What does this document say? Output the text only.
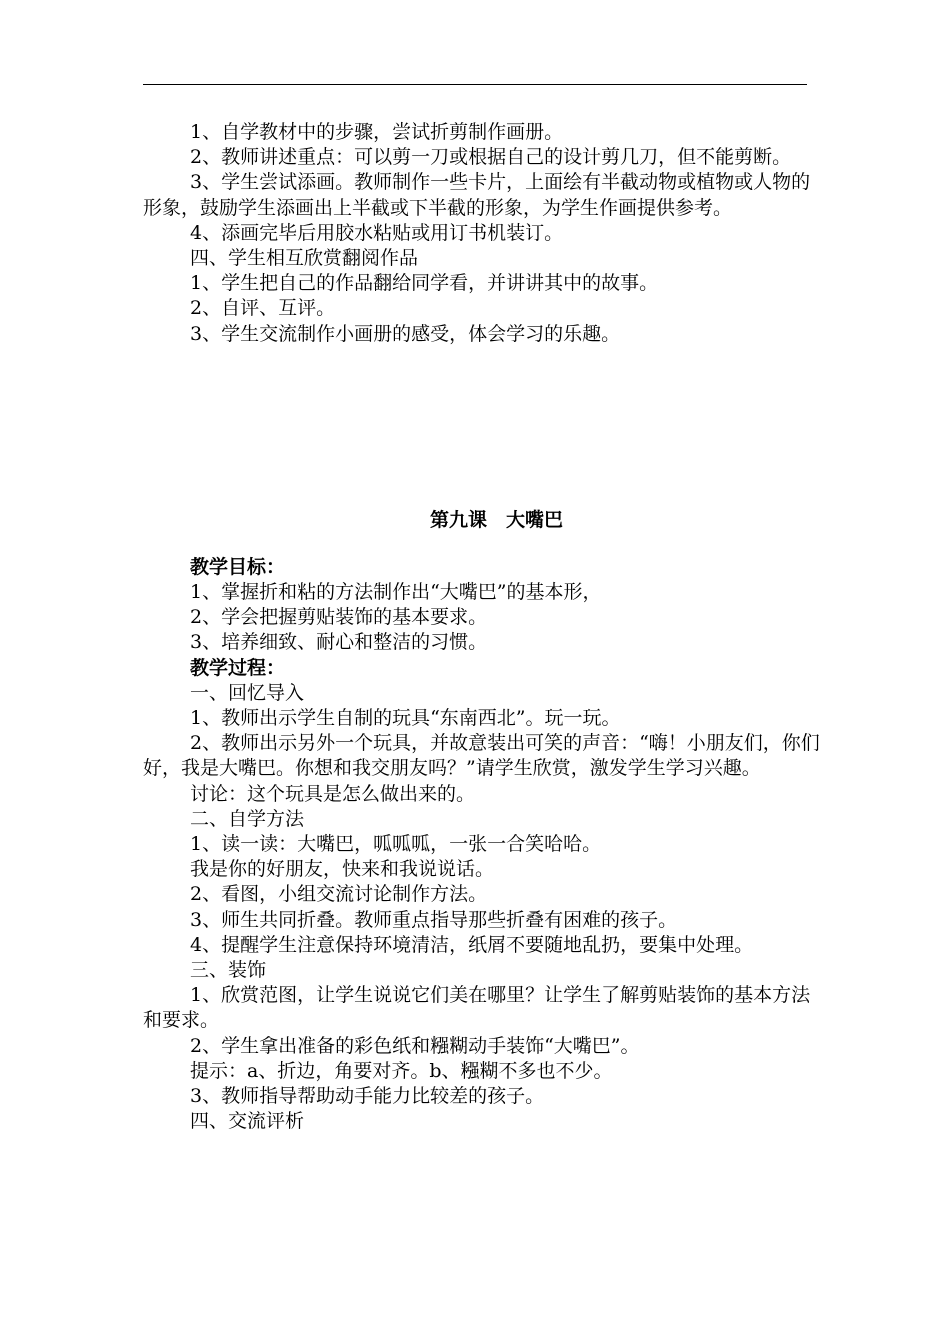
1、自学教材中的步骤，尝试折剪制作画册。

2、教师讲述重点：可以剪一刀或根据自己的设计剪几刀，但不能剪断。

3、学生尝试添画。教师制作一些卡片，上面绘有半截动物或植物或人物的形象，鼓励学生添画出上半截或下半截的形象，为学生作画提供参考。

4、添画完毕后用胶水粘贴或用订书机装订。

四、学生相互欣赏翻阅作品

1、学生把自己的作品翻给同学看，并讲讲其中的故事。

2、自评、互评。

3、学生交流制作小画册的感受，体会学习的乐趣。

第九课　大嘴巴

教学目标：

1、掌握折和粘的方法制作出“大嘴巴”的基本形，

2、学会把握剪贴装饰的基本要求。

3、培养细致、耐心和整洁的习惯。

教学过程：

一、回忆导入

1、教师出示学生自制的玩具“东南西北”。玩一玩。

2、教师出示另外一个玩具，并故意装出可笑的声音：“嗨！小朋友们，你们好，我是大嘴巴。你想和我交朋友吗？”请学生欣赏，激发学生学习兴趣。

讨论：这个玩具是怎么做出来的。

二、自学方法

1、读一读：大嘴巴，呱呱呱，一张一合笑哈哈。

我是你的好朋友，快来和我说说话。

2、看图，小组交流讨论制作方法。

3、师生共同折叠。教师重点指导那些折叠有困难的孩子。

4、提醒学生注意保持环境清洁，纸屑不要随地乱扔，要集中处理。

三、装饰

1、欣赏范图，让学生说说它们美在哪里？让学生了解剪贴装饰的基本方法和要求。

2、学生拿出准备的彩色纸和糨糊动手装饰“大嘴巴”。

提示：a、折边，角要对齐。b、糨糊不多也不少。

3、教师指导帮助动手能力比较差的孩子。

四、交流评析
